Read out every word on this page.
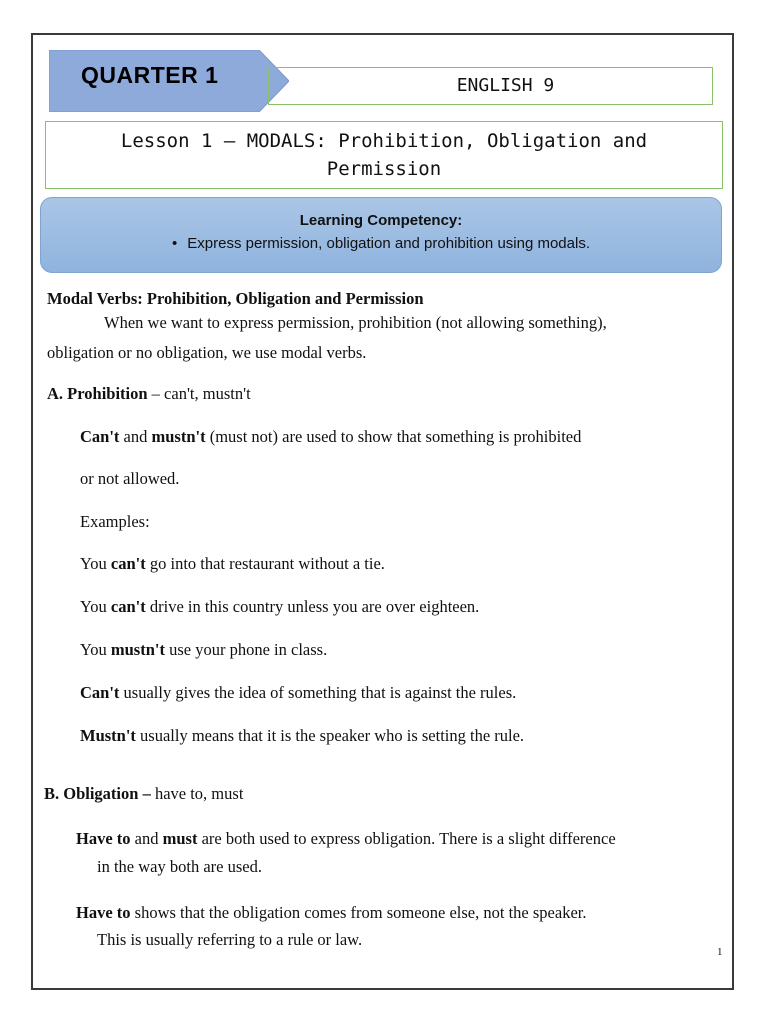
QUARTER 1	ENGLISH 9
Lesson 1 – MODALS: Prohibition, Obligation and
Permission
Learning Competency:
• Express permission, obligation and prohibition using modals.
Modal Verbs: Prohibition, Obligation and Permission
When we want to express permission, prohibition (not allowing something),
obligation or no obligation, we use modal verbs.
A. Prohibition – can't, mustn't
Can't and mustn't (must not) are used to show that something is prohibited
or not allowed.
Examples:
You can't go into that restaurant without a tie.
You can't drive in this country unless you are over eighteen.
You mustn't use your phone in class.
Can't usually gives the idea of something that is against the rules.
Mustn't usually means that it is the speaker who is setting the rule.
B. Obligation – have to, must
Have to and must are both used to express obligation. There is a slight difference
in the way both are used.
Have to shows that the obligation comes from someone else, not the speaker.
This is usually referring to a rule or law.
1
